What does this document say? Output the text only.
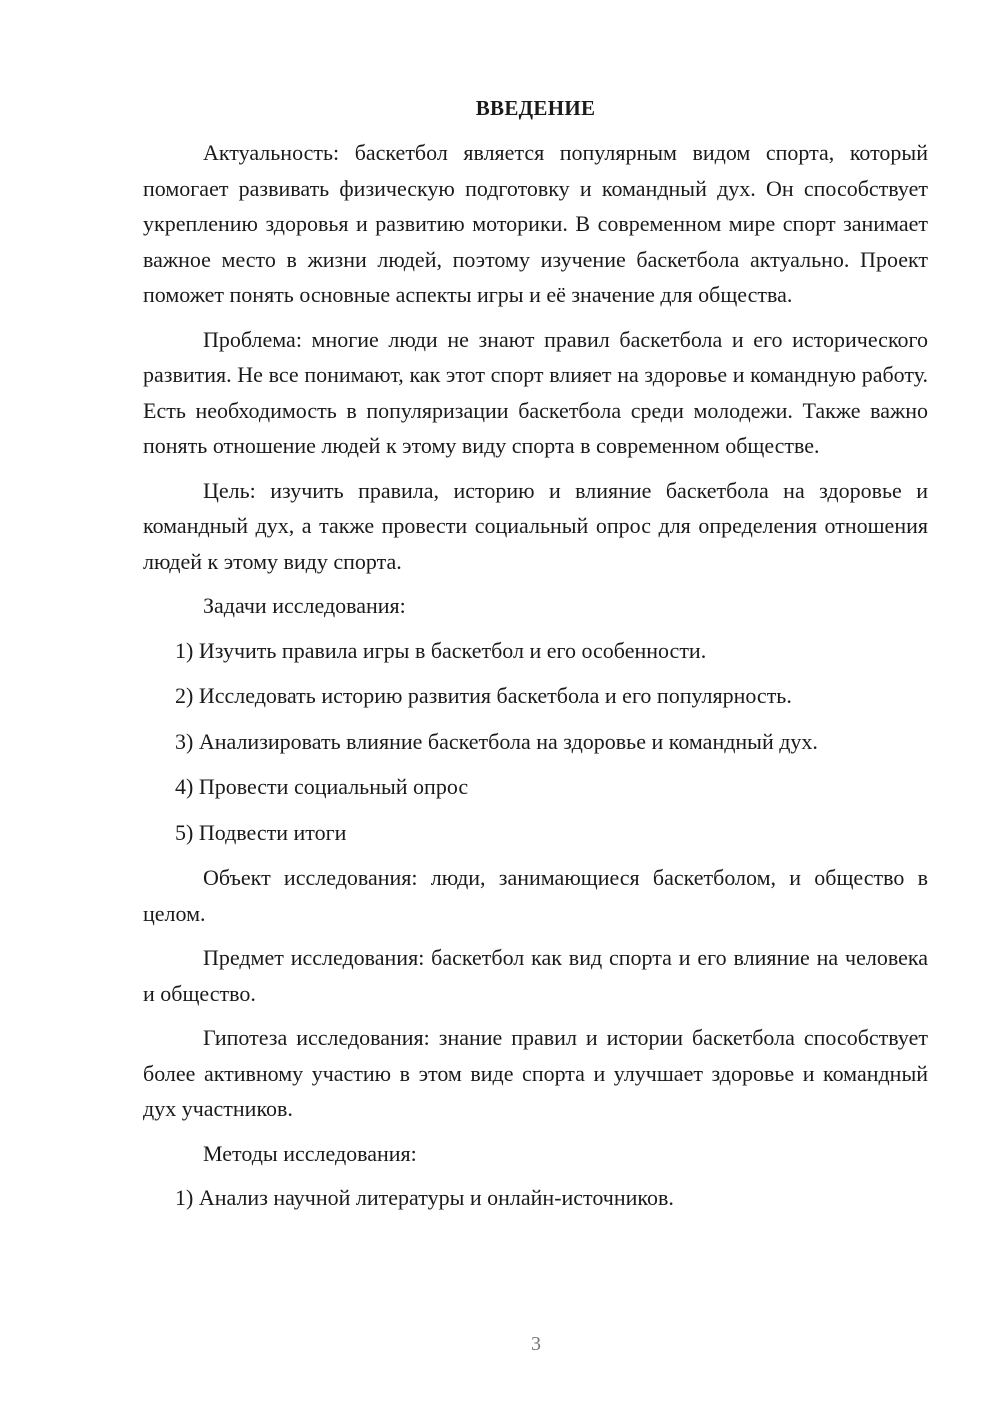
ВВЕДЕНИЕ

Актуальность: баскетбол является популярным видом спорта, который помогает развивать физическую подготовку и командный дух. Он способствует укреплению здоровья и развитию моторики. В современном мире спорт занимает важное место в жизни людей, поэтому изучение баскетбола актуально. Проект поможет понять основные аспекты игры и её значение для общества.

Проблема: многие люди не знают правил баскетбола и его исторического развития. Не все понимают, как этот спорт влияет на здоровье и командную работу. Есть необходимость в популяризации баскетбола среди молодежи. Также важно понять отношение людей к этому виду спорта в современном обществе.

Цель: изучить правила, историю и влияние баскетбола на здоровье и командный дух, а также провести социальный опрос для определения отношения людей к этому виду спорта.

Задачи исследования:

1) Изучить правила игры в баскетбол и его особенности.
2) Исследовать историю развития баскетбола и его популярность.
3) Анализировать влияние баскетбола на здоровье и командный дух.
4) Провести социальный опрос
5) Подвести итоги

Объект исследования: люди, занимающиеся баскетболом, и общество в целом.

Предмет исследования: баскетбол как вид спорта и его влияние на человека и общество.

Гипотеза исследования: знание правил и истории баскетбола способствует более активному участию в этом виде спорта и улучшает здоровье и командный дух участников.

Методы исследования:

1) Анализ научной литературы и онлайн-источников.
3
